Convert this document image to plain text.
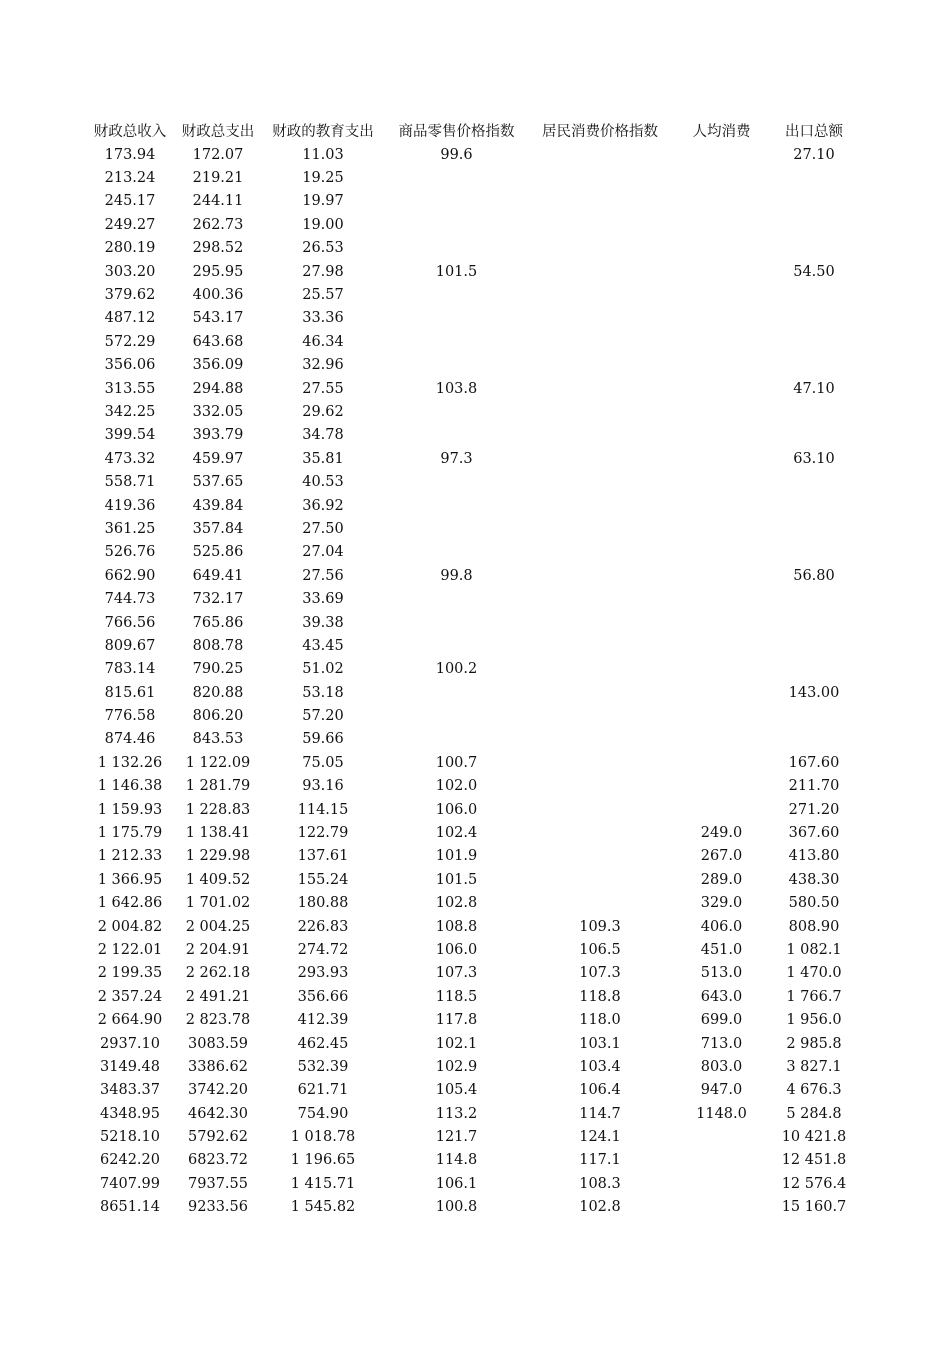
财政总收入	财政总支出	财政的教育支出	商品零售价格指数	居民消费价格指数	人均消费	出口总额
173.94	172.07	11.03	99.6			27.10
213.24	219.21	19.25				
245.17	244.11	19.97				
249.27	262.73	19.00				
280.19	298.52	26.53				
303.20	295.95	27.98	101.5			54.50
379.62	400.36	25.57				
487.12	543.17	33.36				
572.29	643.68	46.34				
356.06	356.09	32.96				
313.55	294.88	27.55	103.8			47.10
342.25	332.05	29.62				
399.54	393.79	34.78				
473.32	459.97	35.81	97.3			63.10
558.71	537.65	40.53				
419.36	439.84	36.92				
361.25	357.84	27.50				
526.76	525.86	27.04				
662.90	649.41	27.56	99.8			56.80
744.73	732.17	33.69				
766.56	765.86	39.38				
809.67	808.78	43.45				
783.14	790.25	51.02	100.2			
815.61	820.88	53.18				143.00
776.58	806.20	57.20				
874.46	843.53	59.66				
1 132.26	1 122.09	75.05	100.7			167.60
1 146.38	1 281.79	93.16	102.0			211.70
1 159.93	1 228.83	114.15	106.0			271.20
1 175.79	1 138.41	122.79	102.4		249.0	367.60
1 212.33	1 229.98	137.61	101.9		267.0	413.80
1 366.95	1 409.52	155.24	101.5		289.0	438.30
1 642.86	1 701.02	180.88	102.8		329.0	580.50
2 004.82	2 004.25	226.83	108.8	109.3	406.0	808.90
2 122.01	2 204.91	274.72	106.0	106.5	451.0	1 082.1
2 199.35	2 262.18	293.93	107.3	107.3	513.0	1 470.0
2 357.24	2 491.21	356.66	118.5	118.8	643.0	1 766.7
2 664.90	2 823.78	412.39	117.8	118.0	699.0	1 956.0
2937.10	3083.59	462.45	102.1	103.1	713.0	2 985.8
3149.48	3386.62	532.39	102.9	103.4	803.0	3 827.1
3483.37	3742.20	621.71	105.4	106.4	947.0	4 676.3
4348.95	4642.30	754.90	113.2	114.7	1148.0	5 284.8
5218.10	5792.62	1 018.78	121.7	124.1		10 421.8
6242.20	6823.72	1 196.65	114.8	117.1		12 451.8
7407.99	7937.55	1 415.71	106.1	108.3		12 576.4
8651.14	9233.56	1 545.82	100.8	102.8		15 160.7
